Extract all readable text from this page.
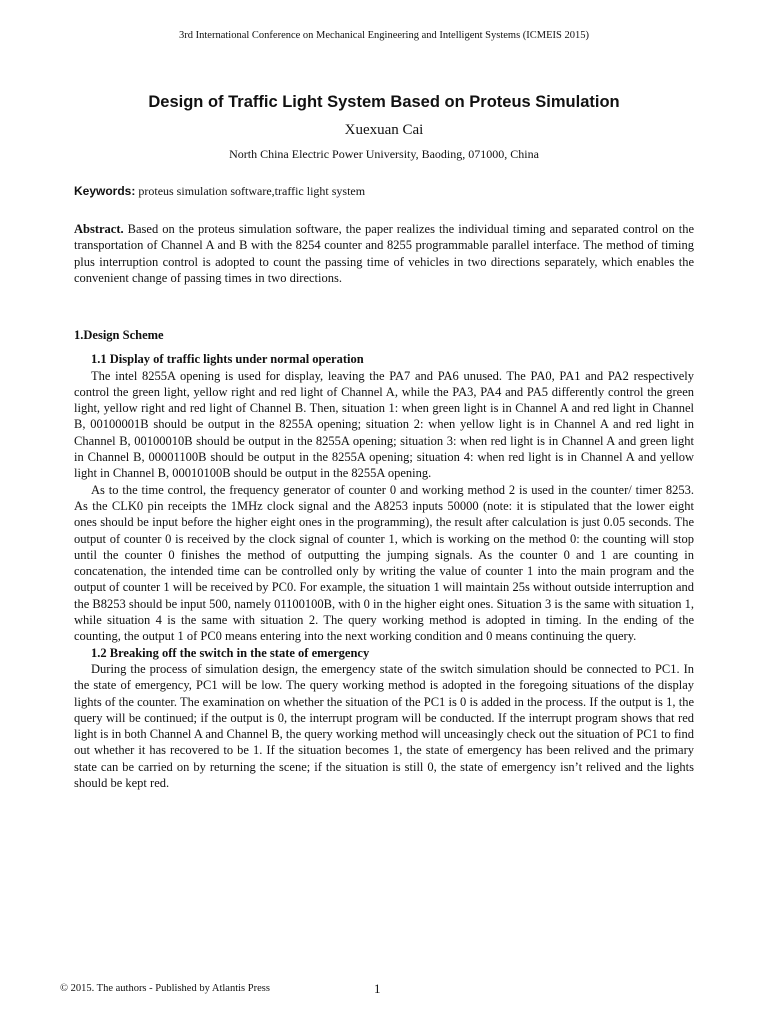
3rd International Conference on Mechanical Engineering and Intelligent Systems (ICMEIS 2015)
Design of Traffic Light System Based on Proteus Simulation
Xuexuan Cai
North China Electric Power University, Baoding, 071000, China
Keywords: proteus simulation software,traffic light system

Abstract. Based on the proteus simulation software, the paper realizes the individual timing and separated control on the transportation of Channel A and B with the 8254 counter and 8255 programmable parallel interface. The method of timing plus interruption control is adopted to count the passing time of vehicles in two directions separately, which enables the convenient change of passing times in two directions.

1.Design Scheme

1.1 Display of traffic lights under normal operation

The intel 8255A opening is used for display, leaving the PA7 and PA6 unused. The PA0, PA1 and PA2 respectively control the green light, yellow right and red light of Channel A, while the PA3, PA4 and PA5 differently control the green light, yellow right and red light of Channel B. Then, situation 1: when green light is in Channel A and red light in Channel B, 00100001B should be output in the 8255A opening; situation 2: when yellow light is in Channel A and red light in Channel B, 00100010B should be output in the 8255A opening; situation 3: when red light is in Channel A and green light in Channel B, 00001100B should be output in the 8255A opening; situation 4: when red light is in Channel A and yellow light in Channel B, 00010100B should be output in the 8255A opening.

As to the time control, the frequency generator of counter 0 and working method 2 is used in the counter/ timer 8253. As the CLK0 pin receipts the 1MHz clock signal and the A8253 inputs 50000 (note: it is stipulated that the lower eight ones should be input before the higher eight ones in the programming), the result after calculation is just 0.05 seconds. The output of counter 0 is received by the clock signal of counter 1, which is working on the method 0: the counting will stop until the counter 0 finishes the method of outputting the jumping signals. As the counter 0 and 1 are counting in concatenation, the intended time can be controlled only by writing the value of counter 1 into the main program and the output of counter 1 will be received by PC0. For example, the situation 1 will maintain 25s without outside interruption and the B8253 should be input 500, namely 01100100B, with 0 in the higher eight ones. Situation 3 is the same with situation 1, while situation 4 is the same with situation 2. The query working method is adopted in timing. In the ending of the counting, the output 1 of PC0 means entering into the next working condition and 0 means continuing the query.

1.2 Breaking off the switch in the state of emergency

During the process of simulation design, the emergency state of the switch simulation should be connected to PC1. In the state of emergency, PC1 will be low. The query working method is adopted in the foregoing situations of the display lights of the counter. The examination on whether the situation of the PC1 is 0 is added in the process. If the output is 1, the query will be continued; if the output is 0, the interrupt program will be conducted. If the interrupt program shows that red light is in both Channel A and Channel B, the query working method will unceasingly check out the situation of PC1 to find out whether it has recovered to be 1. If the situation becomes 1, the state of emergency has been relived and the primary state can be carried on by returning the scene; if the situation is still 0, the state of emergency isn’t relived and the lights should be kept red.

© 2015. The authors - Published by Atlantis Press	1
